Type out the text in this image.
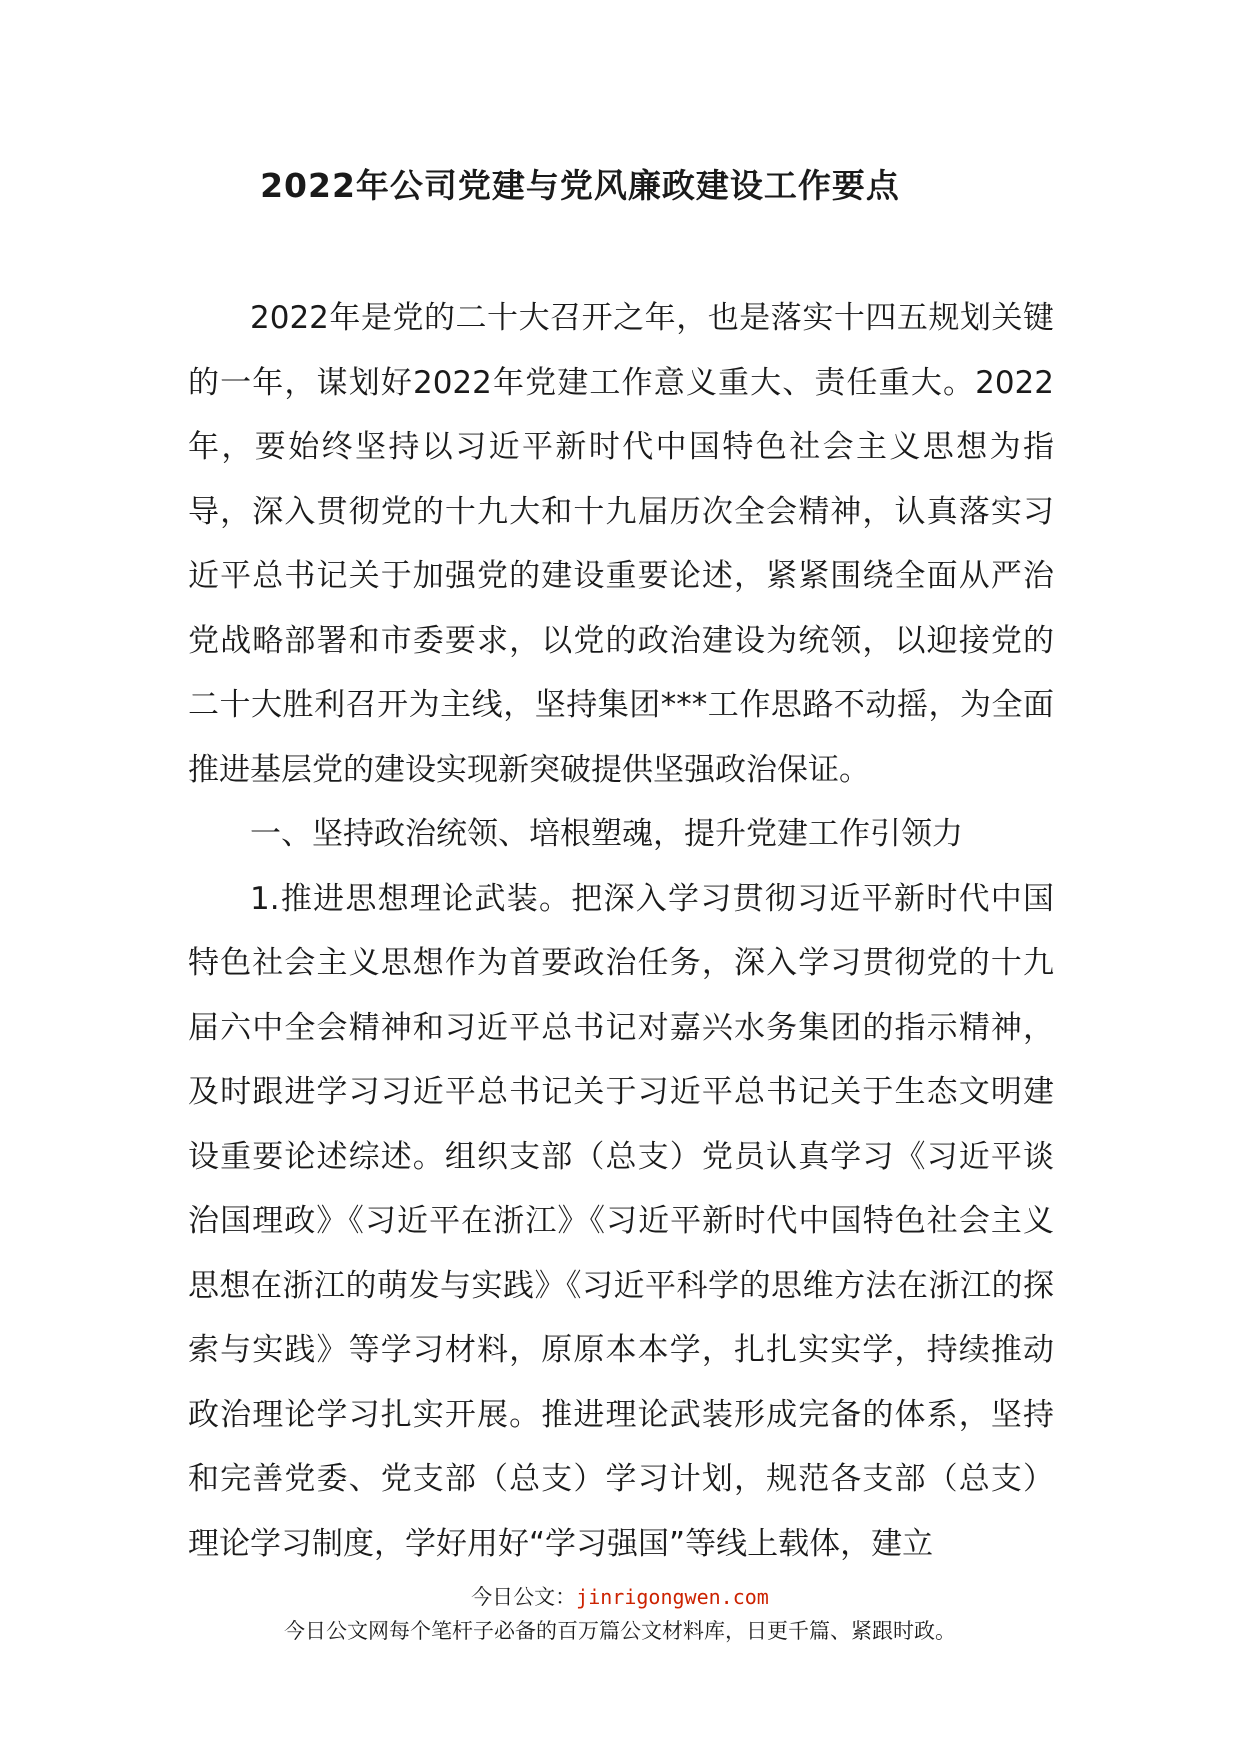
2022年公司党建与党风廉政建设工作要点

2022年是党的二十大召开之年，也是落实十四五规划关键的一年，谋划好2022年党建工作意义重大、责任重大。2022年，要始终坚持以习近平新时代中国特色社会主义思想为指导，深入贯彻党的十九大和十九届历次全会精神，认真落实习近平总书记关于加强党的建设重要论述，紧紧围绕全面从严治党战略部署和市委要求，以党的政治建设为统领，以迎接党的二十大胜利召开为主线，坚持集团***工作思路不动摇，为全面推进基层党的建设实现新突破提供坚强政治保证。

一、坚持政治统领、培根塑魂，提升党建工作引领力

1.推进思想理论武装。把深入学习贯彻习近平新时代中国特色社会主义思想作为首要政治任务，深入学习贯彻党的十九届六中全会精神和习近平总书记对嘉兴水务集团的指示精神，及时跟进学习习近平总书记关于习近平总书记关于生态文明建设重要论述综述。组织支部（总支）党员认真学习《习近平谈治国理政》《习近平在浙江》《习近平新时代中国特色社会主义思想在浙江的萌发与实践》《习近平科学的思维方法在浙江的探索与实践》等学习材料，原原本本学，扎扎实实学，持续推动政治理论学习扎实开展。推进理论武装形成完备的体系，坚持和完善党委、党支部（总支）学习计划，规范各支部（总支）理论学习制度，学好用好“学习强国”等线上载体，建立

今日公文：jinrigongwen.com
今日公文网每个笔杆子必备的百万篇公文材料库，日更千篇、紧跟时政。
